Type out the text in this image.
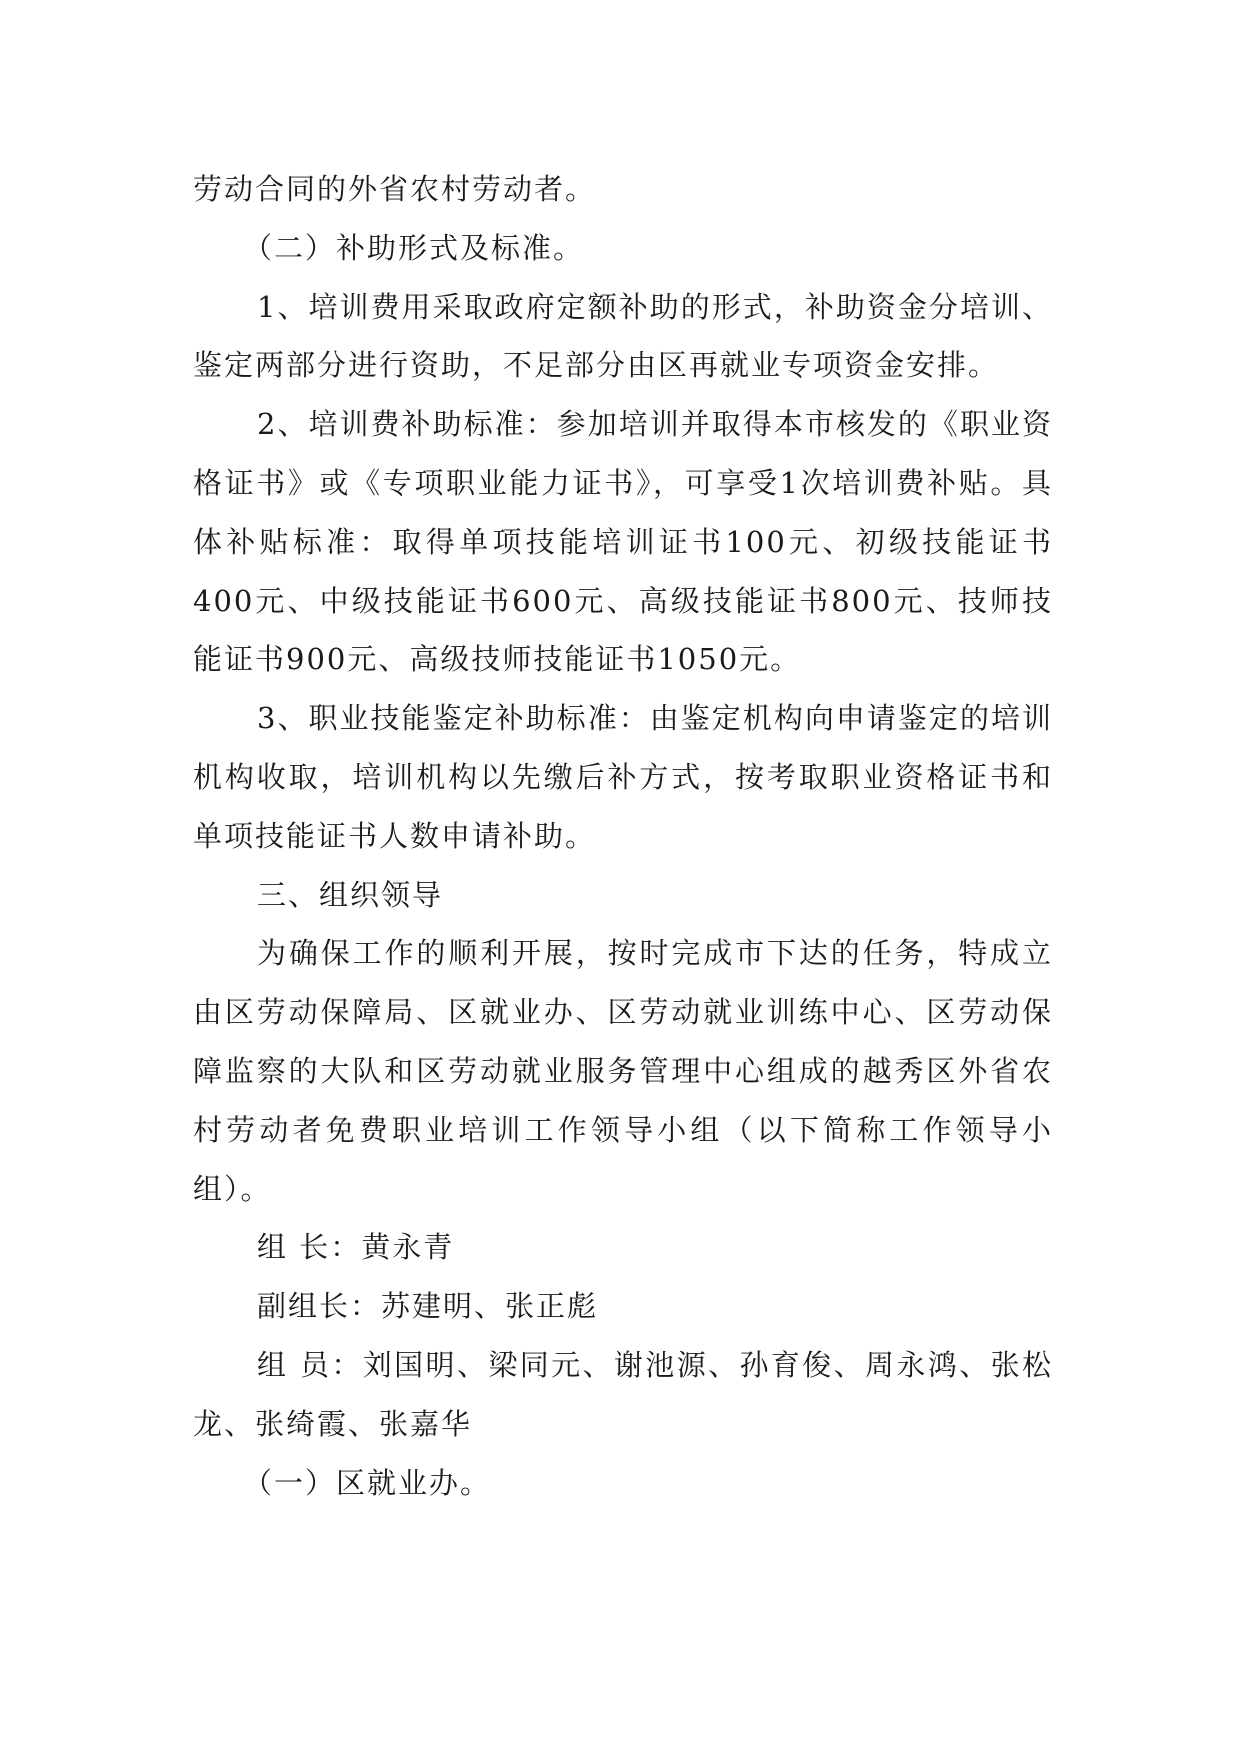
劳动合同的外省农村劳动者。

（二）补助形式及标准。

1、培训费用采取政府定额补助的形式，补助资金分培训、鉴定两部分进行资助，不足部分由区再就业专项资金安排。

2、培训费补助标准：参加培训并取得本市核发的《职业资格证书》或《专项职业能力证书》，可享受1次培训费补贴。具体补贴标准：取得单项技能培训证书100元、初级技能证书400元、中级技能证书600元、高级技能证书800元、技师技能证书900元、高级技师技能证书1050元。

3、职业技能鉴定补助标准：由鉴定机构向申请鉴定的培训机构收取，培训机构以先缴后补方式，按考取职业资格证书和单项技能证书人数申请补助。

三、组织领导

为确保工作的顺利开展，按时完成市下达的任务，特成立由区劳动保障局、区就业办、区劳动就业训练中心、区劳动保障监察的大队和区劳动就业服务管理中心组成的越秀区外省农村劳动者免费职业培训工作领导小组（以下简称工作领导小组）。

组 长：黄永青

副组长：苏建明、张正彪

组 员：刘国明、梁同元、谢池源、孙育俊、周永鸿、张松龙、张绮霞、张嘉华

（一）区就业办。
